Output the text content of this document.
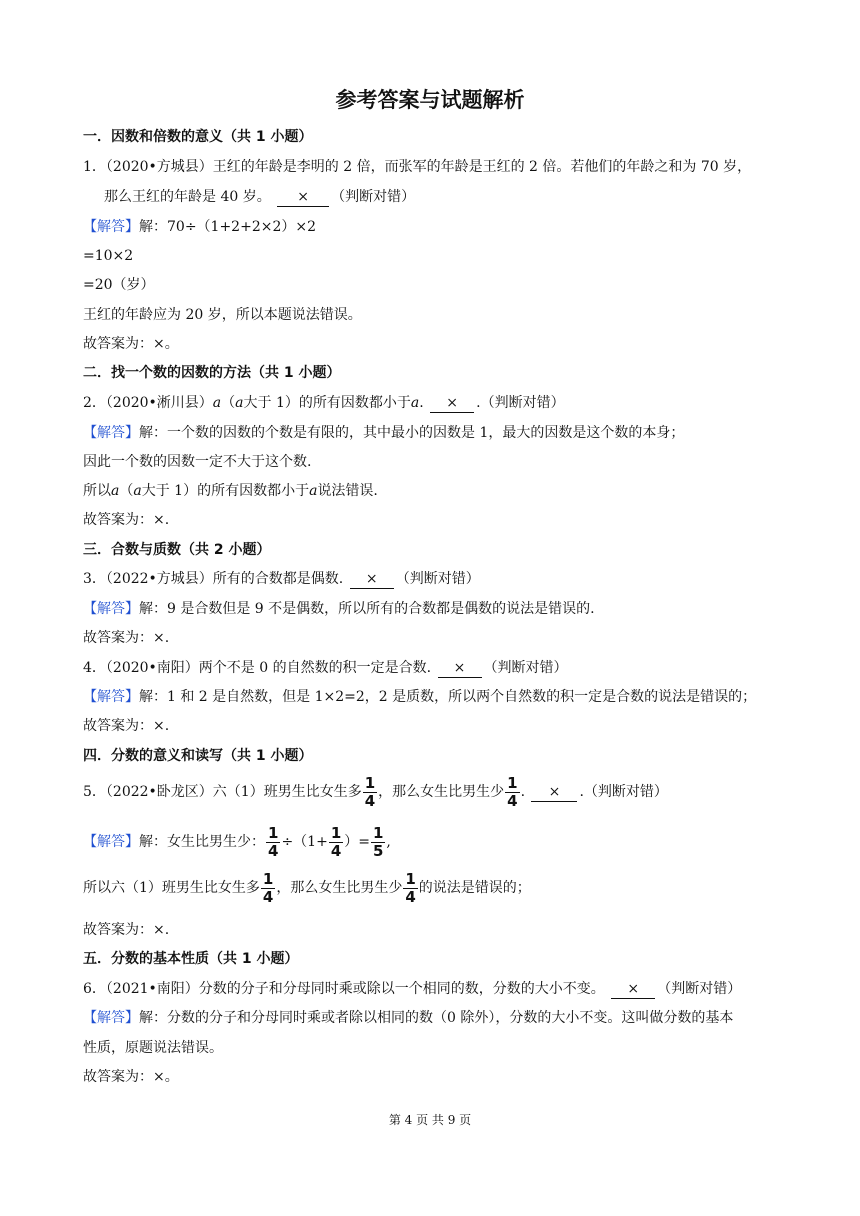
参考答案与试题解析
一．因数和倍数的意义（共 1 小题）
1．（2020•方城县）王红的年龄是李明的 2 倍，而张军的年龄是王红的 2 倍。若他们的年龄之和为 70 岁，
那么王红的年龄是 40 岁。 × （判断对错）
【解答】解：70÷（1+2+2×2）×2
=10×2
=20（岁）
王红的年龄应为 20 岁，所以本题说法错误。
故答案为：×。
二．找一个数的因数的方法（共 1 小题）
2．（2020•淅川县）a（a大于 1）的所有因数都小于a. × .（判断对错）
【解答】解：一个数的因数的个数是有限的，其中最小的因数是 1，最大的因数是这个数的本身；
因此一个数的因数一定不大于这个数.
所以a（a大于 1）的所有因数都小于a说法错误.
故答案为：×.
三．合数与质数（共 2 小题）
3．（2022•方城县）所有的合数都是偶数. × （判断对错）
【解答】解：9 是合数但是 9 不是偶数，所以所有的合数都是偶数的说法是错误的.
故答案为：×.
4．（2020•南阳）两个不是 0 的自然数的积一定是合数. × （判断对错）
【解答】解：1 和 2 是自然数，但是 1×2=2，2 是质数，所以两个自然数的积一定是合数的说法是错误的；
故答案为：×.
四．分数的意义和读写（共 1 小题）
5．（2022•卧龙区）六（1）班男生比女生多 $\frac{1}{4}$ ，那么女生比男生少 $\frac{1}{4}$ . × .（判断对错）
【解答】解：女生比男生少： $\frac{1}{4} \div(1+ \frac{1}{4}$ ）= $\frac{1}{5}$ ,
所以六（1）班男生比女生多 $\frac{1}{4}$ ，那么女生比男生少 $\frac{1}{4}$ 的说法是错误的；
故答案为：×.
五．分数的基本性质（共 1 小题）
6．（2021•南阳）分数的分子和分母同时乘或除以一个相同的数，分数的大小不变。 × （判断对错）
【解答】解：分数的分子和分母同时乘或者除以相同的数（0 除外），分数的大小不变。这叫做分数的基本
性质，原题说法错误。
故答案为：×。
第 4 页 共 9 页
